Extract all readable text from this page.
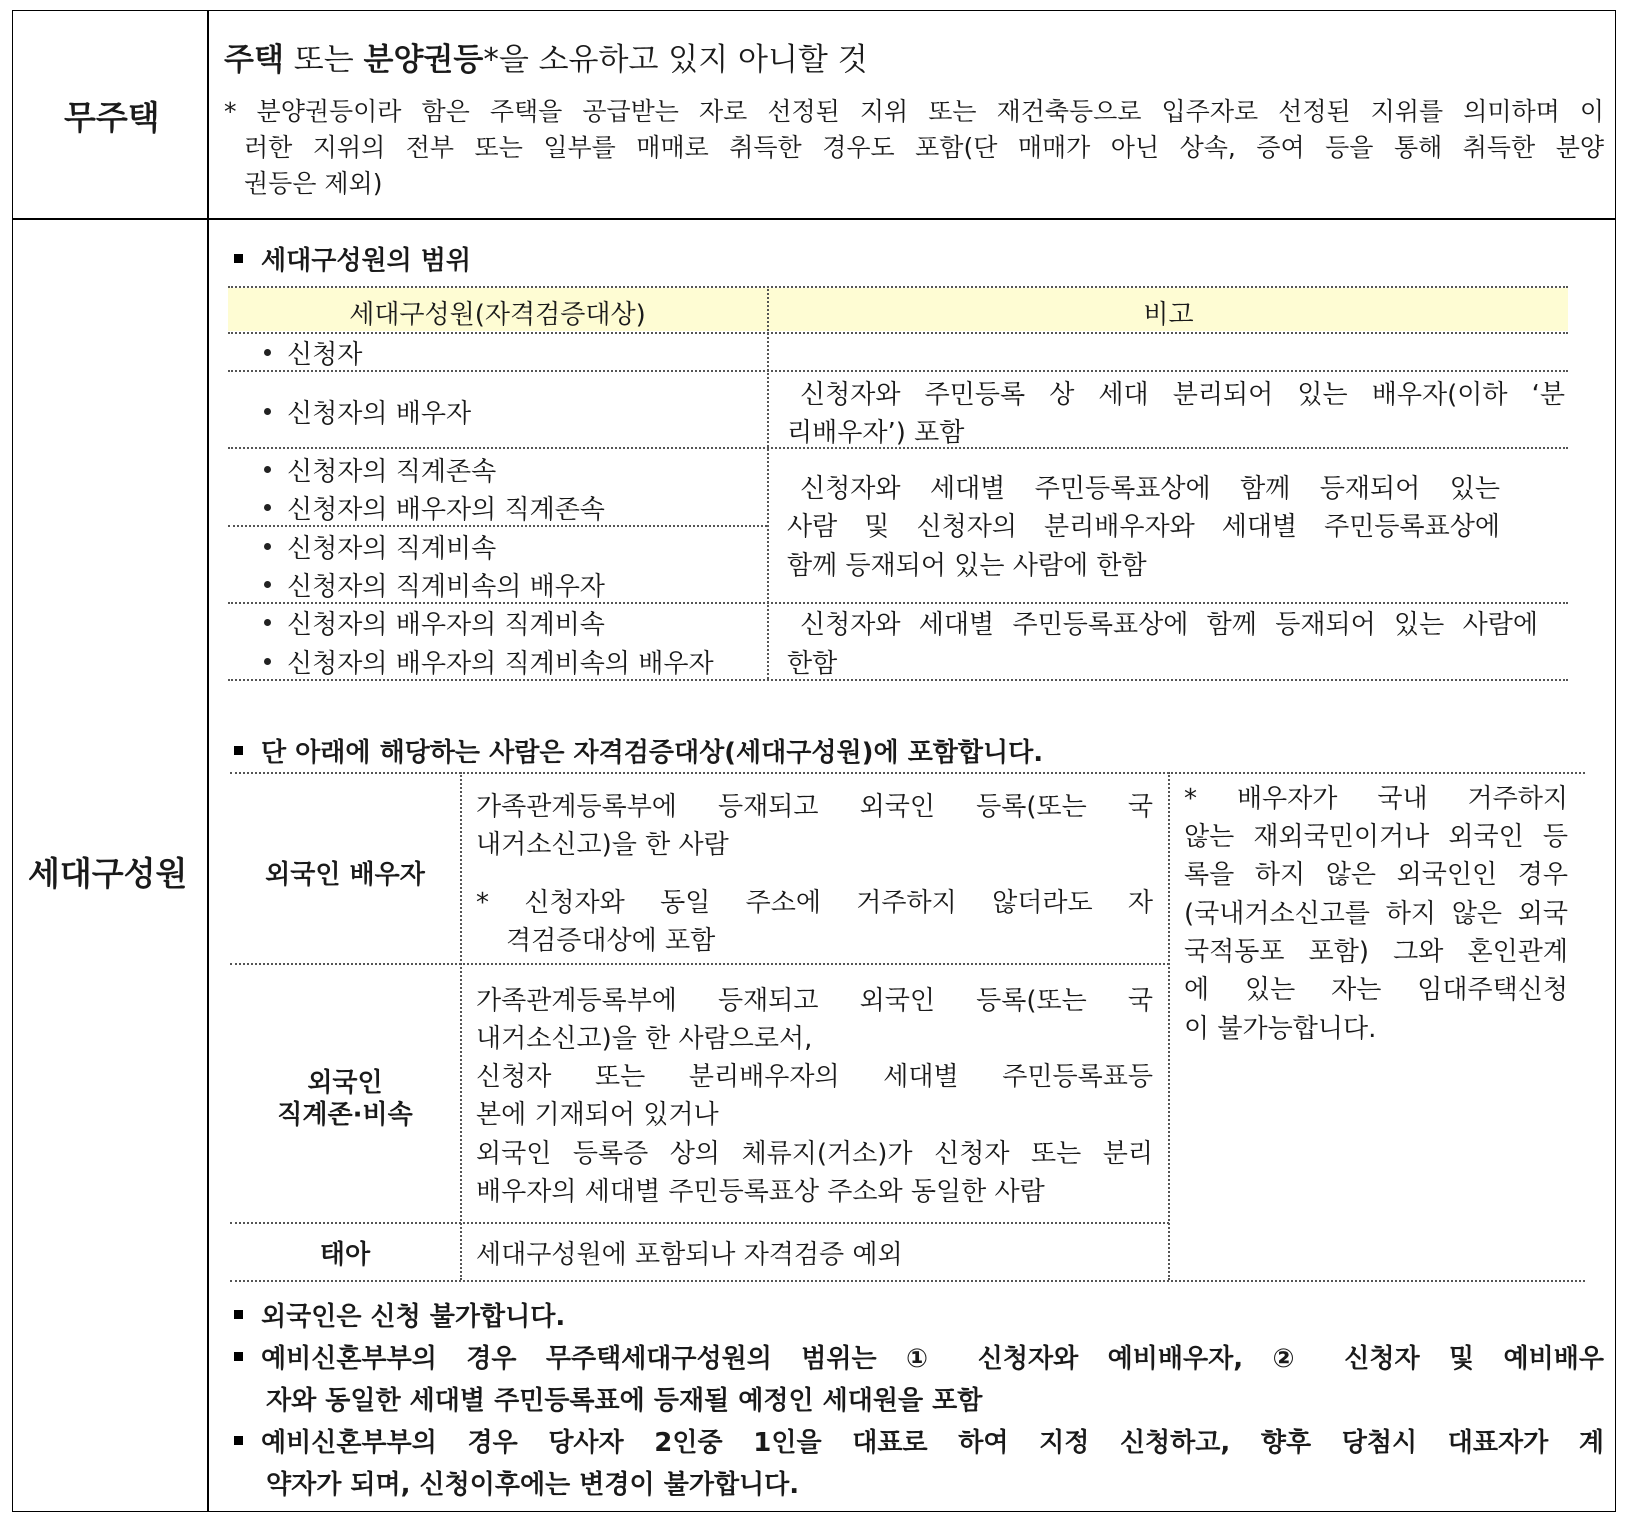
무주택
주택 또는 분양권등*을 소유하고 있지 아니할 것
* 분양권등이라 함은 주택을 공급받는 자로 선정된 지위 또는 재건축등으로 입주자로 선정된 지위를 의미하며 이
러한 지위의 전부 또는 일부를 매매로 취득한 경우도 포함(단 매매가 아닌 상속, 증여 등을 통해 취득한 분양
권등은 제외)
세대구성원
세대구성원의 범위
세대구성원(자격검증대상)	비고
신청자
신청자의 배우자
신청자와 주민등록 상 세대 분리되어 있는 배우자(이하 ‘분
리배우자’) 포함
신청자의 직계존속
신청자의 배우자의 직계존속
신청자의 직계비속
신청자의 직계비속의 배우자
신청자와 세대별 주민등록표상에 함께 등재되어 있는
사람 및 신청자의 분리배우자와 세대별 주민등록표상에
함께 등재되어 있는 사람에 한함
신청자의 배우자의 직계비속
신청자의 배우자의 직계비속의 배우자
신청자와 세대별 주민등록표상에 함께 등재되어 있는 사람에
한함
단 아래에 해당하는 사람은 자격검증대상(세대구성원)에 포함합니다.
외국인 배우자
가족관계등록부에 등재되고 외국인 등록(또는 국
내거소신고)을 한 사람
* 신청자와 동일 주소에 거주하지 않더라도 자
격검증대상에 포함
외국인
직계존·비속
가족관계등록부에 등재되고 외국인 등록(또는 국
내거소신고)을 한 사람으로서,
신청자 또는 분리배우자의 세대별 주민등록표등
본에 기재되어 있거나
외국인 등록증 상의 체류지(거소)가 신청자 또는 분리
배우자의 세대별 주민등록표상 주소와 동일한 사람
태아	세대구성원에 포함되나 자격검증 예외
* 배우자가 국내 거주하지
않는 재외국민이거나 외국인 등
록을 하지 않은 외국인인 경우
(국내거소신고를 하지 않은 외국
국적동포 포함) 그와 혼인관계
에 있는 자는 임대주택신청
이 불가능합니다.
외국인은 신청 불가합니다.
예비신혼부부의 경우 무주택세대구성원의 범위는 ① 신청자와 예비배우자, ② 신청자 및 예비배우
자와 동일한 세대별 주민등록표에 등재될 예정인 세대원을 포함
예비신혼부부의 경우 당사자 2인중 1인을 대표로 하여 지정 신청하고, 향후 당첨시 대표자가 계
약자가 되며, 신청이후에는 변경이 불가합니다.
